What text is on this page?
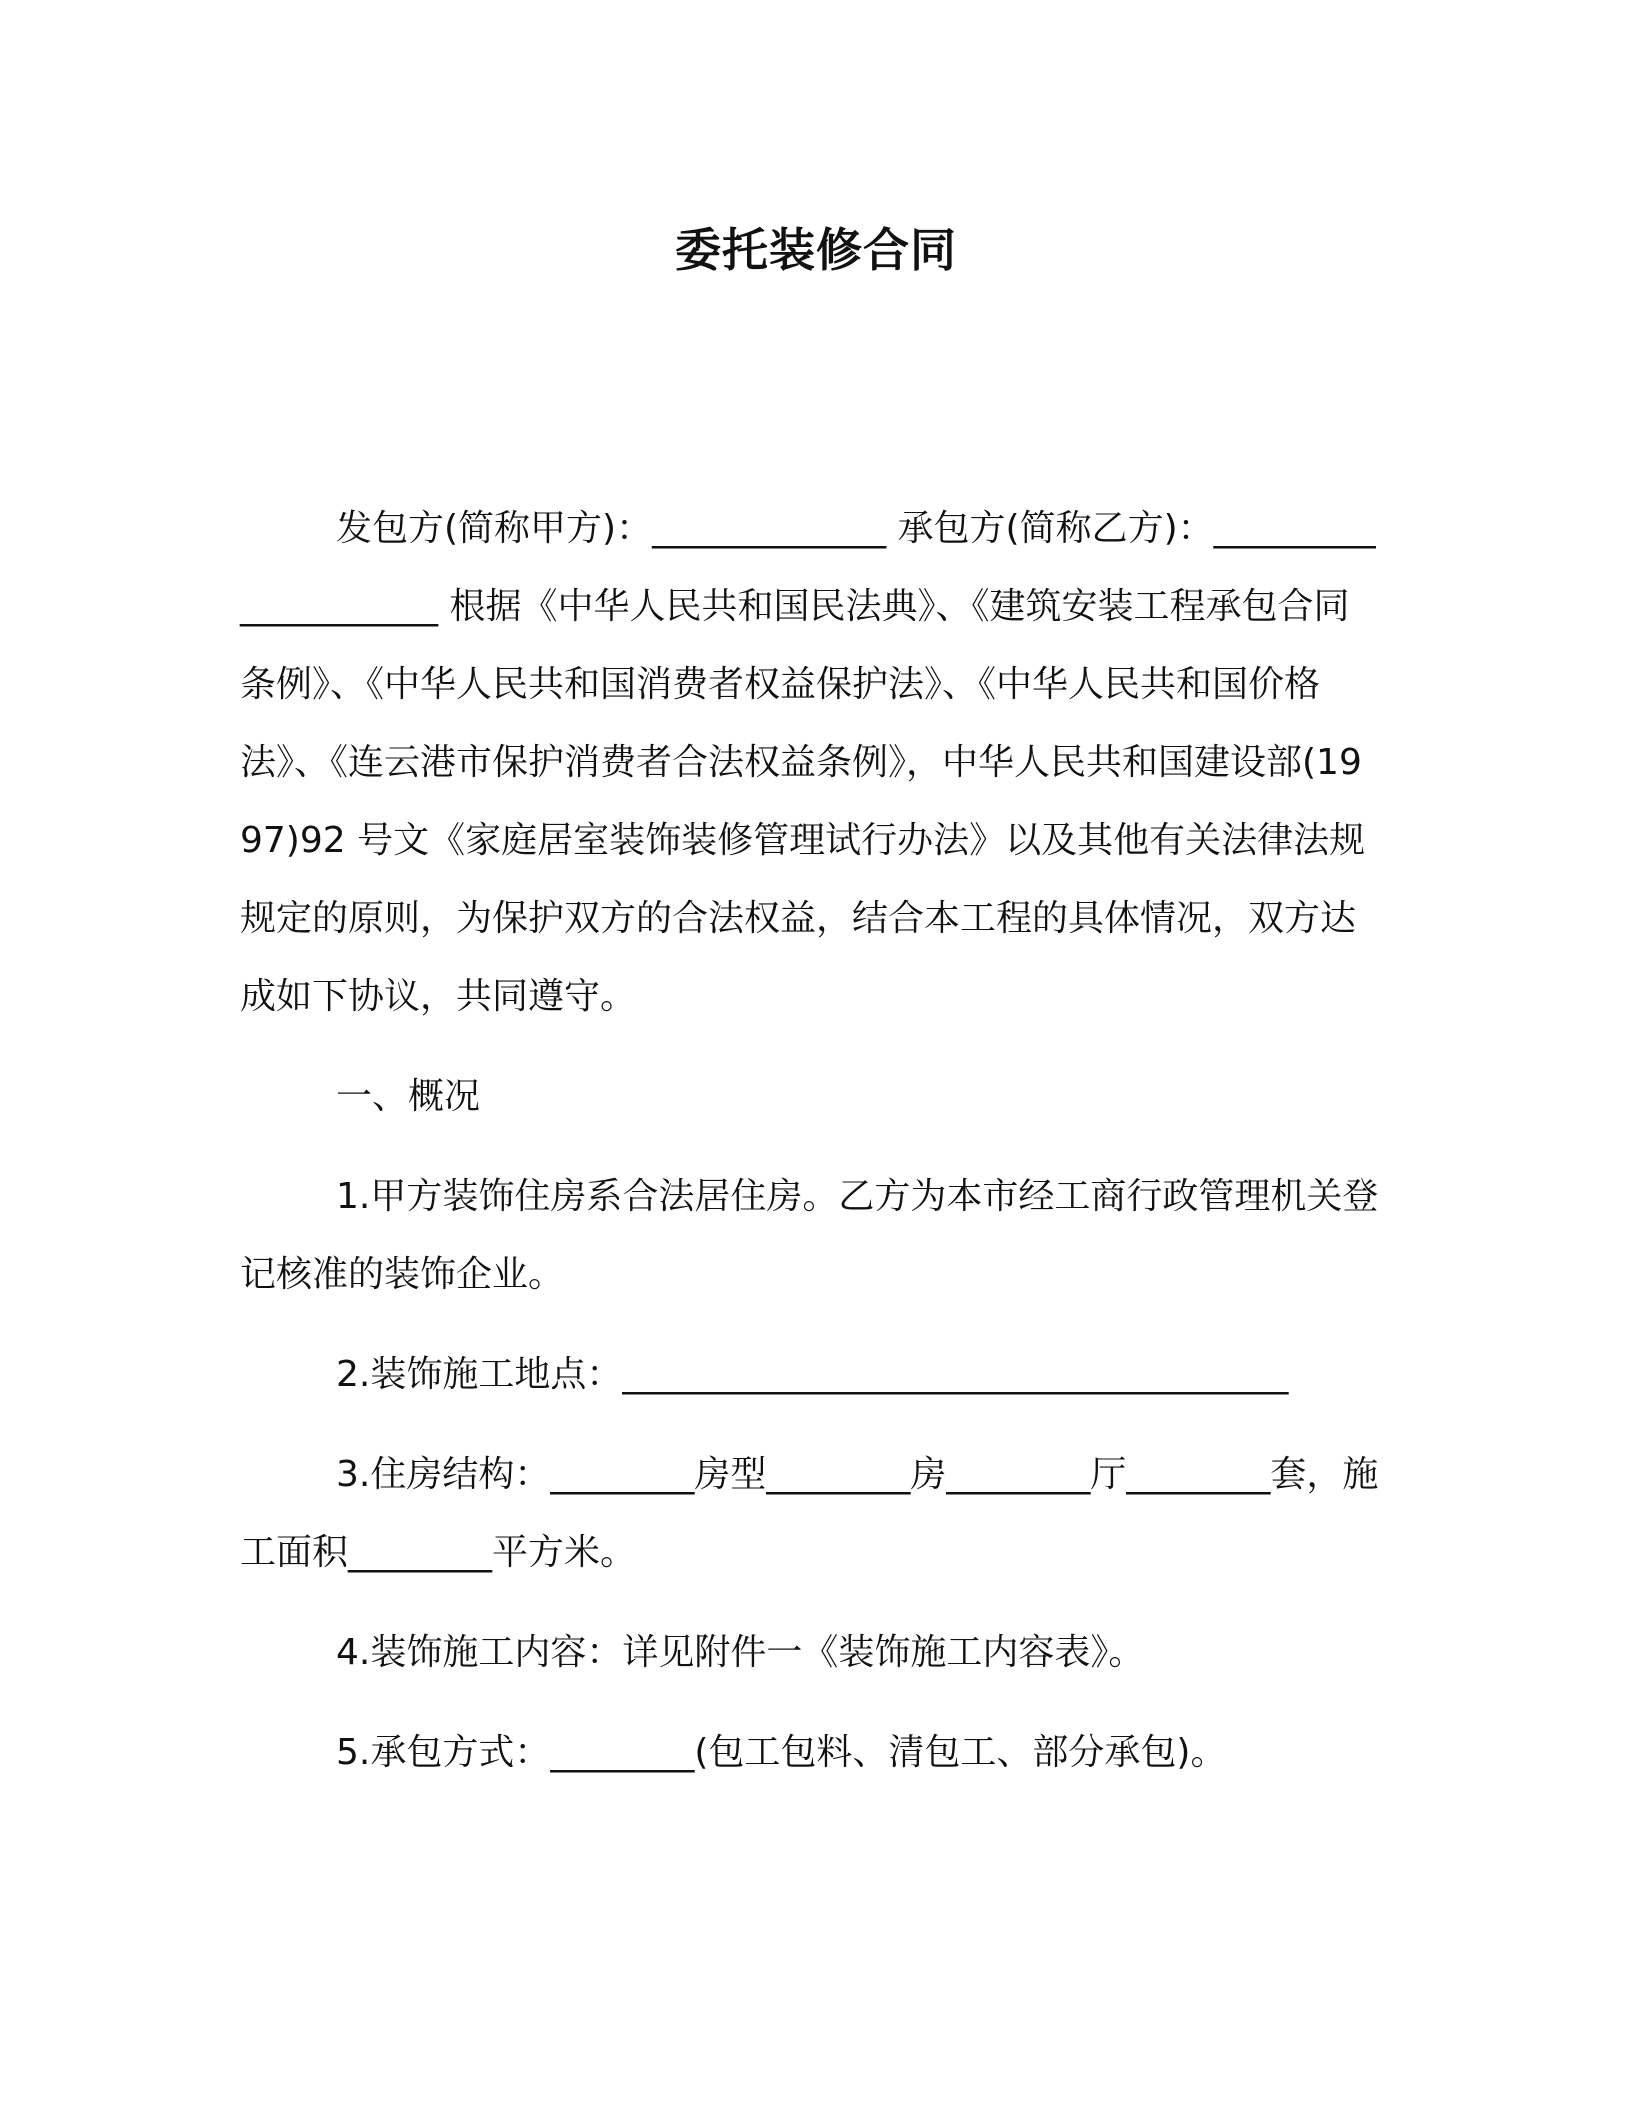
委托装修合同

发包方(简称甲方)：_____________ 承包方(简称乙方)：____________________ 根据《中华人民共和国民法典》、《建筑安装工程承包合同条例》、《中华人民共和国消费者权益保护法》、《中华人民共和国价格法》、《连云港市保护消费者合法权益条例》，中华人民共和国建设部(1997)92 号文《家庭居室装饰装修管理试行办法》以及其他有关法律法规规定的原则，为保护双方的合法权益，结合本工程的具体情况，双方达成如下协议，共同遵守。

一、概况

1.甲方装饰住房系合法居住房。乙方为本市经工商行政管理机关登记核准的装饰企业。

2.装饰施工地点：_____________________________________

3.住房结构：________房型________房________厅________套，施工面积________平方米。

4.装饰施工内容：详见附件一《装饰施工内容表》。

5.承包方式：________(包工包料、清包工、部分承包)。
